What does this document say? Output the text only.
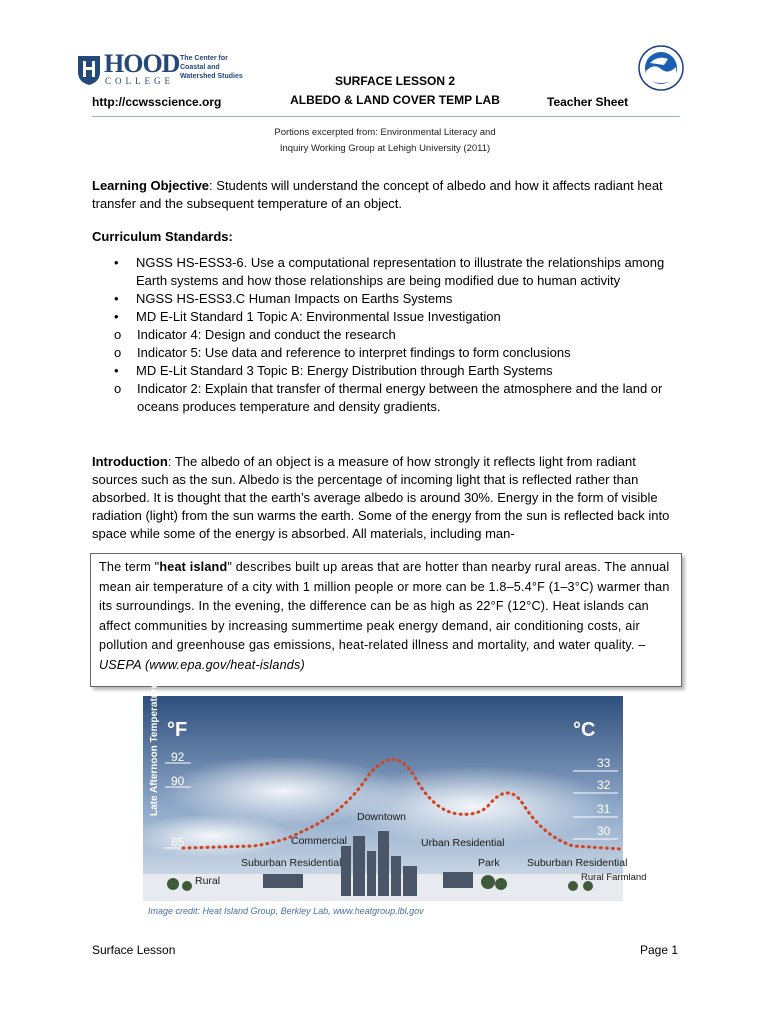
HOOD
COLLEGE
The Center for
Coastal and
Watershed Studies
http://ccwsscience.org
SURFACE LESSON 2
ALBEDO & LAND COVER TEMP LAB	Teacher Sheet
Portions excerpted from: Environmental Literacy and
Inquiry Working Group at Lehigh University (2011)
Learning Objective: Students will understand the concept of albedo and how it affects radiant heat transfer and the subsequent temperature of an object.
Curriculum Standards:
• NGSS HS-ESS3-6. Use a computational representation to illustrate the relationships among Earth systems and how those relationships are being modified due to human activity
• NGSS HS-ESS3.C Human Impacts on Earths Systems
• MD E-Lit Standard 1 Topic A: Environmental Issue Investigation
o Indicator 4: Design and conduct the research
o Indicator 5: Use data and reference to interpret findings to form conclusions
• MD E-Lit Standard 3 Topic B: Energy Distribution through Earth Systems
o Indicator 2: Explain that transfer of thermal energy between the atmosphere and the land or oceans produces temperature and density gradients.
Introduction: The albedo of an object is a measure of how strongly it reflects light from radiant sources such as the sun. Albedo is the percentage of incoming light that is reflected rather than absorbed. It is thought that the earth’s average albedo is around 30%. Energy in the form of visible radiation (light) from the sun warms the earth. Some of the energy from the sun is reflected back into space while some of the energy is absorbed. All materials, including man-

The term "heat island" describes built up areas that are hotter than nearby rural areas. The annual mean air temperature of a city with 1 million people or more can be 1.8–5.4°F (1–3°C) warmer than its surroundings. In the evening, the difference can be as high as 22°F (12°C). Heat islands can affect communities by increasing summertime peak energy demand, air conditioning costs, air pollution and greenhouse gas emissions, heat-related illness and mortality, and water quality. – USEPA (www.epa.gov/heat-islands)

Late Afternoon Temperature °F	°C
92
90
85
33
32
31
30
Rural
Suburban Residential
Commercial
Downtown
Urban Residential
Park	Suburban Residential
Rural Farmland
Image credit: Heat Island Group, Berkley Lab, www.heatgroup.lbl.gov
Surface Lesson	Page 1
